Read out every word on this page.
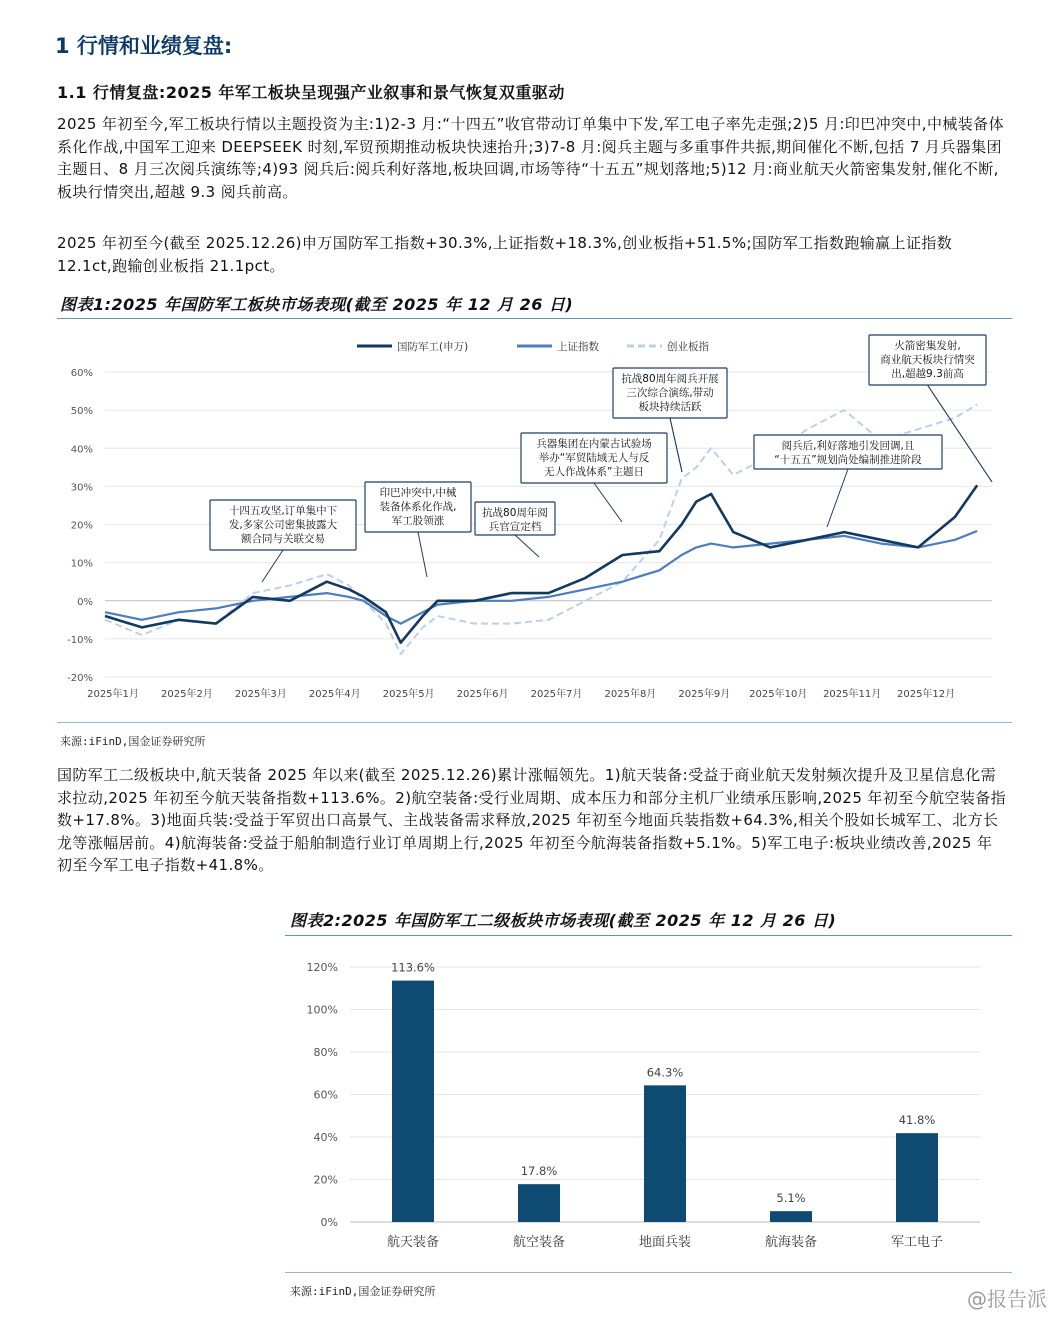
1 行情和业绩复盘:
1.1 行情复盘:2025 年军工板块呈现强产业叙事和景气恢复双重驱动

2025 年初至今,军工板块行情以主题投资为主:1)2-3 月:“十四五”收官带动订单集中下发,军工电子率先走强;2)5 月:印巴冲突中,中械装备体系化作战,中国军工迎来 DEEPSEEK 时刻,军贸预期推动板块快速抬升;3)7-8 月:阅兵主题与多重事件共振,期间催化不断,包括 7 月兵器集团主题日、8 月三次阅兵演练等;4)93 阅兵后:阅兵利好落地,板块回调,市场等待“十五五”规划落地;5)12 月:商业航天火箭密集发射,催化不断,板块行情突出,超越 9.3 阅兵前高。

2025 年初至今(截至 2025.12.26)申万国防军工指数+30.3%,上证指数+18.3%,创业板指+51.5%;国防军工指数跑输赢上证指数 12.1ct,跑输创业板指 21.1pct。

图表1:2025 年国防军工板块市场表现(截至 2025 年 12 月 26 日)
60%
50%
40%
30%
20%
10%
0%
-10%
-20%
2025年1月 2025年2月 2025年3月 2025年4月 2025年5月 2025年6月 2025年7月 2025年8月 2025年9月 2025年10月 2025年11月 2025年12月
国防军工(申万)	上证指数	创业板指
十四五攻坚,订单集中下
发,多家公司密集披露大
额合同与关联交易
印巴冲突中,中械
装备体系化作战,
军工股领涨
抗战80周年阅
兵官宣定档
兵器集团在内蒙古试验场
举办“军贸陆域无人与反
无人作战体系”主题日
抗战80周年阅兵开展
三次综合演练,带动
板块持续活跃
阅兵后,利好落地引发回调,且
“十五五”规划尚处编制推进阶段
火箭密集发射,
商业航天板块行情突
出,超越9.3前高
来源:iFinD,国金证券研究所

国防军工二级板块中,航天装备 2025 年以来(截至 2025.12.26)累计涨幅领先。1)航天装备:受益于商业航天发射频次提升及卫星信息化需求拉动,2025 年初至今航天装备指数+113.6%。2)航空装备:受行业周期、成本压力和部分主机厂业绩承压影响,2025 年初至今航空装备指数+17.8%。3)地面兵装:受益于军贸出口高景气、主战装备需求释放,2025 年初至今地面兵装指数+64.3%,相关个股如长城军工、北方长龙等涨幅居前。4)航海装备:受益于船舶制造行业订单周期上行,2025 年初至今航海装备指数+5.1%。5)军工电子:板块业绩改善,2025 年初至今军工电子指数+41.8%。

图表2:2025 年国防军工二级板块市场表现(截至 2025 年 12 月 26 日)
120%
100%
80%
60%
40%
20%
0%
113.6%
17.8%
64.3%
5.1%
41.8%
航天装备	航空装备	地面兵装	航海装备	军工电子
来源:iFinD,国金证券研究所	@报告派
